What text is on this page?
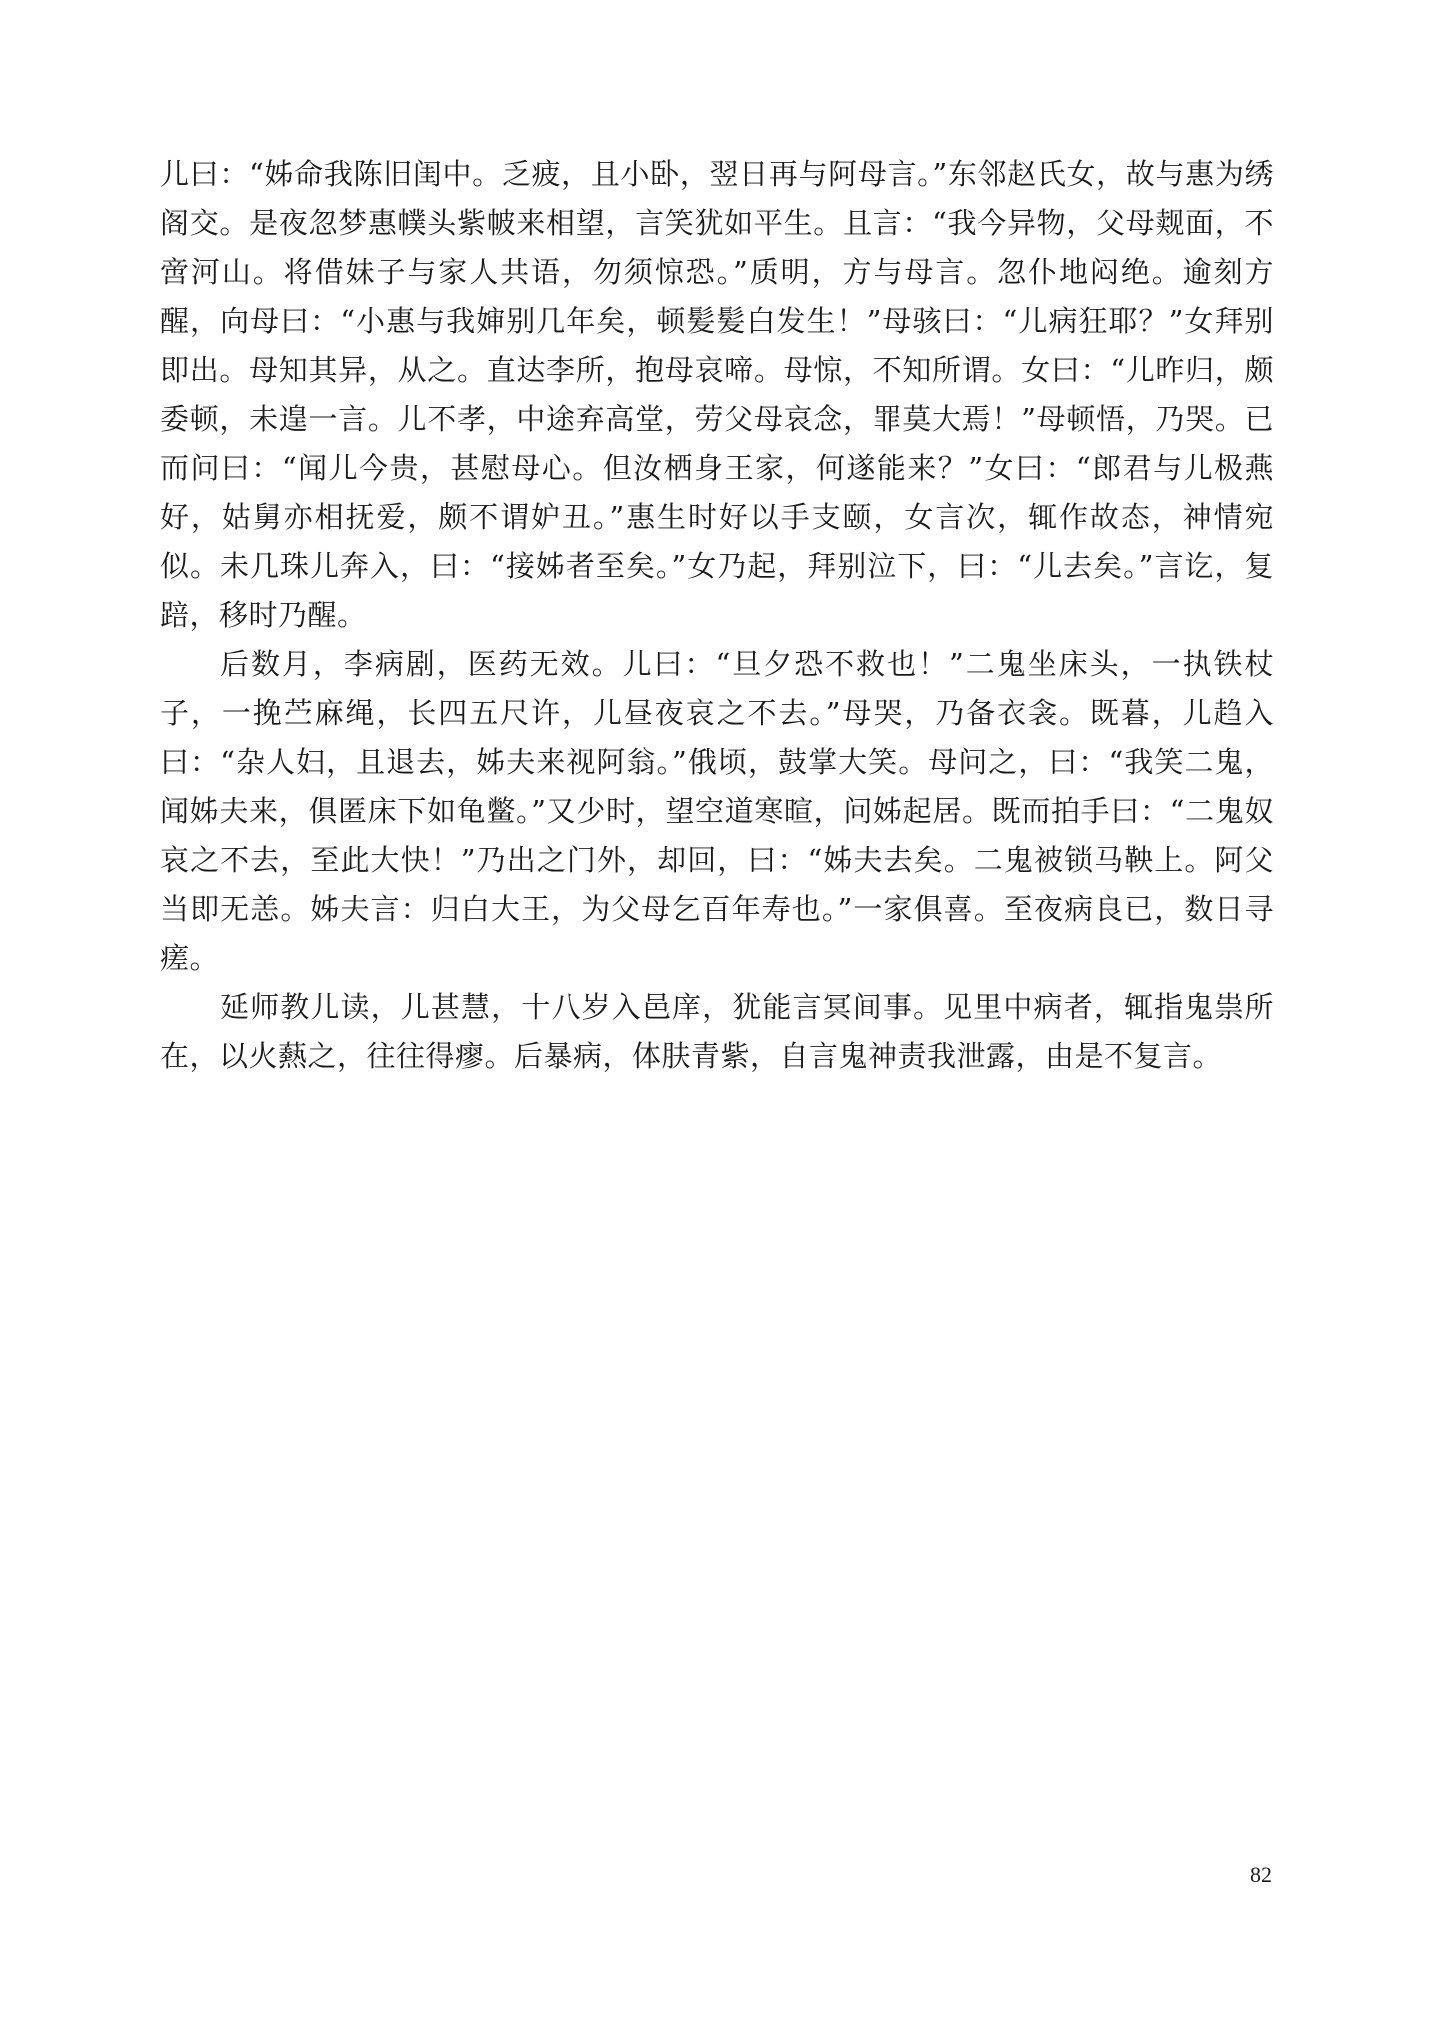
儿曰：“姊命我陈旧闺中。乏疲，且小卧，翌日再与阿母言。”东邻赵氏女，故与惠为绣阁交。是夜忽梦惠幞头紫帔来相望，言笑犹如平生。且言：“我今异物，父母觌面，不啻河山。将借妹子与家人共语，勿须惊恐。”质明，方与母言。忽仆地闷绝。逾刻方醒，向母曰：“小惠与我婶别几年矣，顿髪髪白发生！”母骇曰：“儿病狂耶？”女拜别即出。母知其异，从之。直达李所，抱母哀啼。母惊，不知所谓。女曰：“儿昨归，颇委顿，未遑一言。儿不孝，中途弃高堂，劳父母哀念，罪莫大焉！”母顿悟，乃哭。已而问曰：“闻儿今贵，甚慰母心。但汝栖身王家，何遂能来？”女曰：“郎君与儿极燕好，姑舅亦相抚爱，颇不谓妒丑。”惠生时好以手支颐，女言次，辄作故态，神情宛似。未几珠儿奔入，曰：“接姊者至矣。”女乃起，拜别泣下，曰：“儿去矣。”言讫，复踣，移时乃醒。

后数月，李病剧，医药无效。儿曰：“旦夕恐不救也！”二鬼坐床头，一执铁杖子，一挽苎麻绳，长四五尺许，儿昼夜哀之不去。”母哭，乃备衣衾。既暮，儿趋入曰：“杂人妇，且退去，姊夫来视阿翁。”俄顷，鼓掌大笑。母问之，曰：“我笑二鬼，闻姊夫来，俱匿床下如龟鳖。”又少时，望空道寒暄，问姊起居。既而拍手曰：“二鬼奴哀之不去，至此大快！”乃出之门外，却回，曰：“姊夫去矣。二鬼被锁马鞅上。阿父当即无恙。姊夫言：归白大王，为父母乞百年寿也。”一家俱喜。至夜病良已，数日寻瘥。

延师教儿读，儿甚慧，十八岁入邑庠，犹能言冥间事。见里中病者，辄指鬼祟所在，以火爇之，往往得瘳。后暴病，体肤青紫，自言鬼神责我泄露，由是不复言。

82
